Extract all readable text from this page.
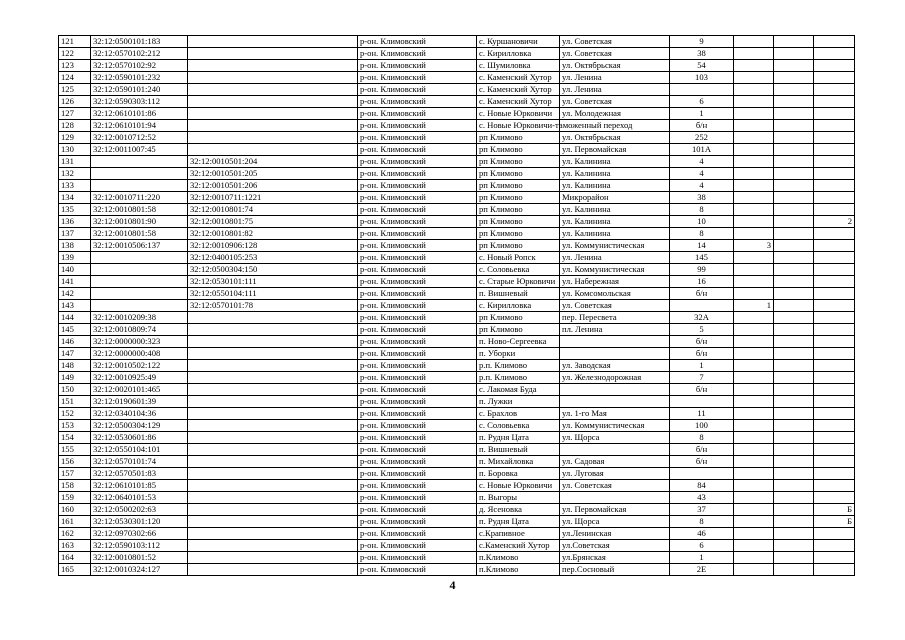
121	32:12:0500101:183		р-он. Климовский	с. Куршановичи	ул. Советская	9			
122	32:12:0570102:212		р-он. Климовский	с. Кирилловка	ул. Советская	38			
123	32:12:0570102:92		р-он. Климовский	с. Шумиловка	ул. Октябрьская	54			
124	32:12:0590101:232		р-он. Климовский	с. Каменский Хутор	ул. Ленина	103			
125	32:12:0590101:240		р-он. Климовский	с. Каменский Хутор	ул. Ленина				
126	32:12:0590303:112		р-он. Климовский	с. Каменский Хутор	ул. Советская	6			
127	32:12:0610101:86		р-он. Климовский	с. Новые Юрковичи	ул. Молодежная	1			
128	32:12:0610101:94		р-он. Климовский	с. Новые Юрковичи-таможенный переход		б/н			
129	32:12:0010712:52		р-он. Климовский	рп Климово	ул. Октябрьская	252			
130	32:12:0011007:45		р-он. Климовский	рп Климово	ул. Первомайская	101А			
131		32:12:0010501:204	р-он. Климовский	рп Климово	ул. Калинина	4			
132		32:12:0010501:205	р-он. Климовский	рп Климово	ул. Калинина	4			
133		32:12:0010501:206	р-он. Климовский	рп Климово	ул. Калинина	4			
134	32:12:0010711:220	32:12:0010711:1221	р-он. Климовский	рп Климово	Микрорайон	38			
135	32:12:0010801:58	32:12:0010801:74	р-он. Климовский	рп Климово	ул. Калинина	8			
136	32:12:0010801:90	32:12:0010801:75	р-он. Климовский	рп Климово	ул. Калинина	10			2
137	32:12:0010801:58	32:12:0010801:82	р-он. Климовский	рп Климово	ул. Калинина	8			
138	32:12:0010506:137	32:12:0010906:128	р-он. Климовский	рп Климово	ул. Коммунистическая	14	3		
139		32:12:0400105:253	р-он. Климовский	с. Новый Ропск	ул. Ленина	145			
140		32:12:0500304:150	р-он. Климовский	с. Соловьевка	ул. Коммунистическая	99			
141		32:12:0530101:111	р-он. Климовский	с. Старые Юрковичи	ул. Набережная	16			
142		32:12:0550104:111	р-он. Климовский	п. Вишневый	ул. Комсомольская	б/н			
143		32:12:0570101:78	р-он. Климовский	с. Кирилловка	ул. Советская		1		
144	32:12:0010209:38		р-он. Климовский	рп Климово	пер. Пересвета	32А			
145	32:12:0010809:74		р-он. Климовский	рп Климово	пл. Ленина	5			
146	32:12:0000000:323		р-он. Климовский	п. Ново-Сергеевка		б/н			
147	32:12:0000000:408		р-он. Климовский	п. Уборки		б/н			
148	32:12:0010502:122		р-он. Климовский	р.п. Климово	ул. Заводская	1			
149	32:12:0010925:49		р-он. Климовский	р.п. Климово	ул. Железнодорожная	7			
150	32:12:0020101:465		р-он. Климовский	с. Лакомая Буда		б/н			
151	32:12:0190601:39		р-он. Климовский	п. Лужки					
152	32:12:0340104:36		р-он. Климовский	с. Брахлов	ул. 1-го Мая	11			
153	32:12:0500304:129		р-он. Климовский	с. Соловьевка	ул. Коммунистическая	100			
154	32:12:0530601:86		р-он. Климовский	п. Рудня Цата	ул. Щорса	8			
155	32:12:0550104:101		р-он. Климовский	п. Вишневый		б/н			
156	32:12:0570101:74		р-он. Климовский	п. Михайловка	ул. Садовая	б/н			
157	32:12:0570501:83		р-он. Климовский	п. Боровка	ул. Луговая				
158	32:12:0610101:85		р-он. Климовский	с. Новые Юрковичи	ул. Советская	84			
159	32:12:0640101:53		р-он. Климовский	п. Выгоры		43			
160	32:12:0500202:63		р-он. Климовский	д. Ясеновка	ул. Первомайская	37			Б
161	32:12:0530301:120		р-он. Климовский	п. Рудня Цата	ул. Щорса	8			Б
162	32:12:0970302:66		р-он. Климовский	с.Крапивное	ул.Ленинская	46			
163	32:12:0590103:112		р-он. Климовский	с.Каменский Хутор	ул.Советская	6			
164	32:12:0010801:52		р-он. Климовский	п.Климово	ул.Брянская	1			
165	32:12:0010324:127		р-он. Климовский	п.Климово	пер.Сосновый	2Е			
4
